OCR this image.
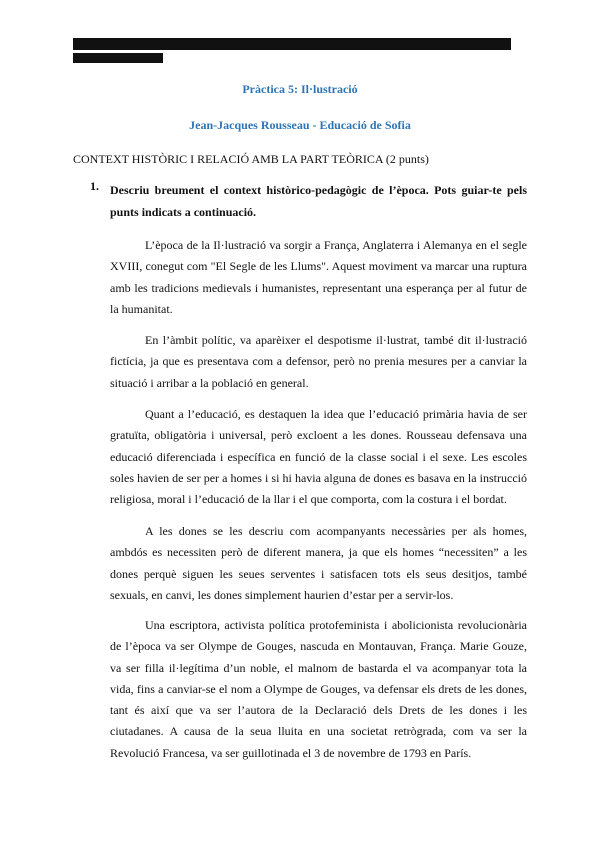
Pràctica 5: Il·lustració
Jean-Jacques Rousseau - Educació de Sofia
CONTEXT HISTÒRIC I RELACIÓ AMB LA PART TEÒRICA (2 punts)
1. Descriu breument el context històrico-pedagògic de l’època. Pots guiar-te pels punts indicats a continuació.

L’època de la Il·lustració va sorgir a França, Anglaterra i Alemanya en el segle XVIII, conegut com "El Segle de les Llums". Aquest moviment va marcar una ruptura amb les tradicions medievals i humanistes, representant una esperança per al futur de la humanitat.

En l’àmbit polític, va aparèixer el despotisme il·lustrat, també dit il·lustració fictícia, ja que es presentava com a defensor, però no prenia mesures per a canviar la situació i arribar a la població en general.

Quant a l’educació, es destaquen la idea que l’educació primària havia de ser gratuïta, obligatòria i universal, però excloent a les dones. Rousseau defensava una educació diferenciada i específica en funció de la classe social i el sexe. Les escoles soles havien de ser per a homes i si hi havia alguna de dones es basava en la instrucció religiosa, moral i l’educació de la llar i el que comporta, com la costura i el bordat.

A les dones se les descriu com acompanyants necessàries per als homes, ambdós es necessiten però de diferent manera, ja que els homes “necessiten” a les dones perquè siguen les seues serventes i satisfacen tots els seus desitjos, també sexuals, en canvi, les dones simplement haurien d’estar per a servir-los.

Una escriptora, activista política protofeminista i abolicionista revolucionària de l’època va ser Olympe de Gouges, nascuda en Montauvan, França. Marie Gouze, va ser filla il·legítima d’un noble, el malnom de bastarda el va acompanyar tota la vida, fins a canviar-se el nom a Olympe de Gouges, va defensar els drets de les dones, tant és així que va ser l’autora de la Declaració dels Drets de les dones i les ciutadanes. A causa de la seua lluita en una societat retrògrada, com va ser la Revolució Francesa, va ser guillotinada el 3 de novembre de 1793 en París.
